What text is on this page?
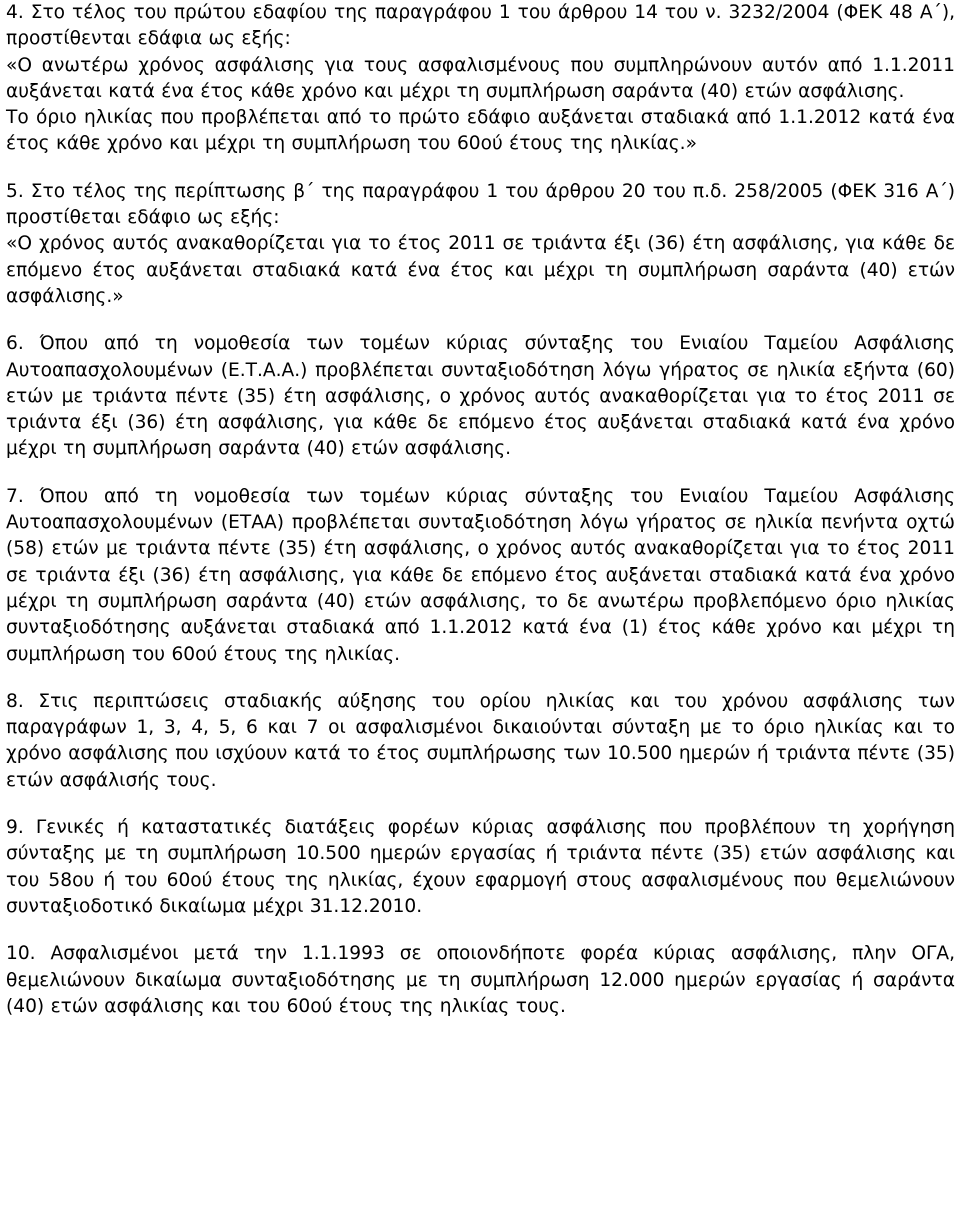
4. Στο τέλος του πρώτου εδαφίου της παραγράφου 1 του άρθρου 14 του ν. 3232/2004 (ΦΕΚ 48 Α΄), προστίθενται εδάφια ως εξής:

«Ο ανωτέρω χρόνος ασφάλισης για τους ασφαλισμένους που συμπληρώνουν αυτόν από 1.1.2011 αυξάνεται κατά ένα έτος κάθε χρόνο και μέχρι τη συμπλήρωση σαράντα (40) ετών ασφάλισης.

Το όριο ηλικίας που προβλέπεται από το πρώτο εδάφιο αυξάνεται σταδιακά από 1.1.2012 κατά ένα έτος κάθε χρόνο και μέχρι τη συμπλήρωση του 60ού έτους της ηλικίας.»

5. Στο τέλος της περίπτωσης β΄ της παραγράφου 1 του άρθρου 20 του π.δ. 258/2005 (ΦΕΚ 316 Α΄) προστίθεται εδάφιο ως εξής:

«Ο χρόνος αυτός ανακαθορίζεται για το έτος 2011 σε τριάντα έξι (36) έτη ασφάλισης, για κάθε δε επόμενο έτος αυξάνεται σταδιακά κατά ένα έτος και μέχρι τη συμπλήρωση σαράντα (40) ετών ασφάλισης.»

6. Όπου από τη νομοθεσία των τομέων κύριας σύνταξης του Ενιαίου Ταμείου Ασφάλισης Αυτοαπασχολουμένων (Ε.Τ.Α.Α.) προβλέπεται συνταξιοδότηση λόγω γήρατος σε ηλικία εξήντα (60) ετών με τριάντα πέντε (35) έτη ασφάλισης, ο χρόνος αυτός ανακαθορίζεται για το έτος 2011 σε τριάντα έξι (36) έτη ασφάλισης, για κάθε δε επόμενο έτος αυξάνεται σταδιακά κατά ένα χρόνο μέχρι τη συμπλήρωση σαράντα (40) ετών ασφάλισης.

7. Όπου από τη νομοθεσία των τομέων κύριας σύνταξης του Ενιαίου Ταμείου Ασφάλισης Αυτοαπασχολουμένων (ΕΤΑΑ) προβλέπεται συνταξιοδότηση λόγω γήρατος σε ηλικία πενήντα οχτώ (58) ετών με τριάντα πέντε (35) έτη ασφάλισης, ο χρόνος αυτός ανακαθορίζεται για το έτος 2011 σε τριάντα έξι (36) έτη ασφάλισης, για κάθε δε επόμενο έτος αυξάνεται σταδιακά κατά ένα χρόνο μέχρι τη συμπλήρωση σαράντα (40) ετών ασφάλισης, το δε ανωτέρω προβλεπόμενο όριο ηλικίας συνταξιοδότησης αυξάνεται σταδιακά από 1.1.2012 κατά ένα (1) έτος κάθε χρόνο και μέχρι τη συμπλήρωση του 60ού έτους της ηλικίας.

8. Στις περιπτώσεις σταδιακής αύξησης του ορίου ηλικίας και του χρόνου ασφάλισης των παραγράφων 1, 3, 4, 5, 6 και 7 οι ασφαλισμένοι δικαιούνται σύνταξη με το όριο ηλικίας και το χρόνο ασφάλισης που ισχύουν κατά το έτος συμπλήρωσης των 10.500 ημερών ή τριάντα πέντε (35) ετών ασφάλισής τους.

9. Γενικές ή καταστατικές διατάξεις φορέων κύριας ασφάλισης που προβλέπουν τη χορήγηση σύνταξης με τη συμπλήρωση 10.500 ημερών εργασίας ή τριάντα πέντε (35) ετών ασφάλισης και του 58ου ή του 60ού έτους της ηλικίας, έχουν εφαρμογή στους ασφαλισμένους που θεμελιώνουν συνταξιοδοτικό δικαίωμα μέχρι 31.12.2010.

10. Ασφαλισμένοι μετά την 1.1.1993 σε οποιονδήποτε φορέα κύριας ασφάλισης, πλην ΟΓΑ, θεμελιώνουν δικαίωμα συνταξιοδότησης με τη συμπλήρωση 12.000 ημερών εργασίας ή σαράντα (40) ετών ασφάλισης και του 60ού έτους της ηλικίας τους.
